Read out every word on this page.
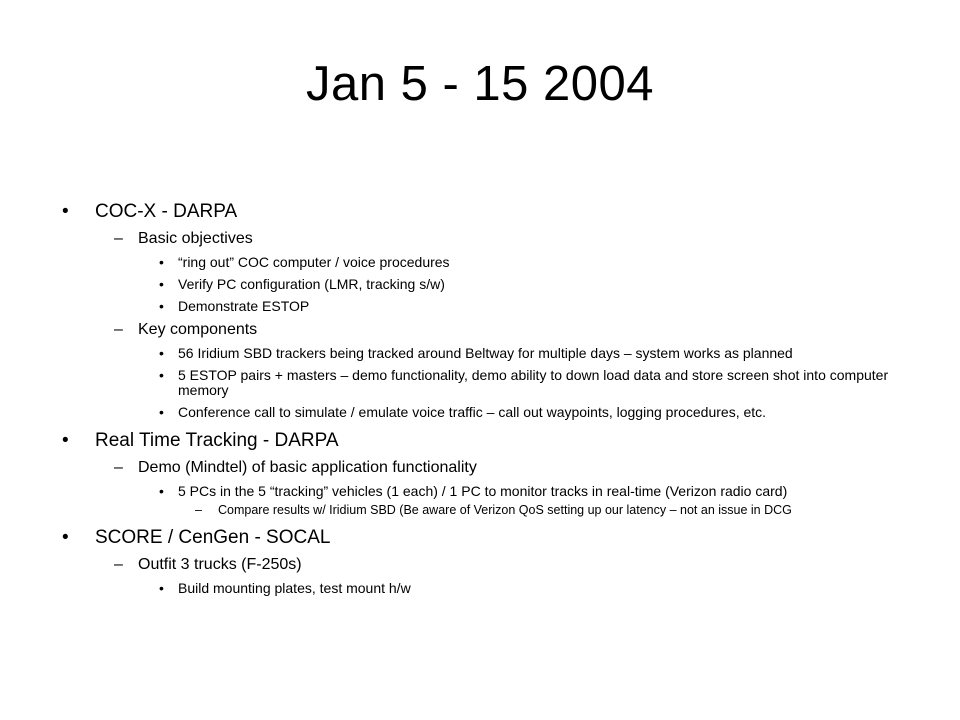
Jan 5 - 15 2004
• COC-X - DARPA
– Basic objectives
• “ring out” COC computer / voice procedures
• Verify PC configuration (LMR, tracking s/w)
• Demonstrate ESTOP
– Key components
• 56 Iridium SBD trackers being tracked around Beltway for multiple days – system works as planned
• 5 ESTOP pairs + masters – demo functionality, demo ability to down load data and store screen shot into computer memory
• Conference call to simulate / emulate voice traffic – call out waypoints, logging procedures, etc.
• Real Time Tracking - DARPA
– Demo (Mindtel) of basic application functionality
• 5 PCs in the 5 “tracking” vehicles (1 each) / 1 PC to monitor tracks in real-time (Verizon radio card)
– Compare results w/ Iridium SBD (Be aware of Verizon QoS setting up our latency – not an issue in DCG
• SCORE / CenGen - SOCAL
– Outfit 3 trucks (F-250s)
• Build mounting plates, test mount h/w
